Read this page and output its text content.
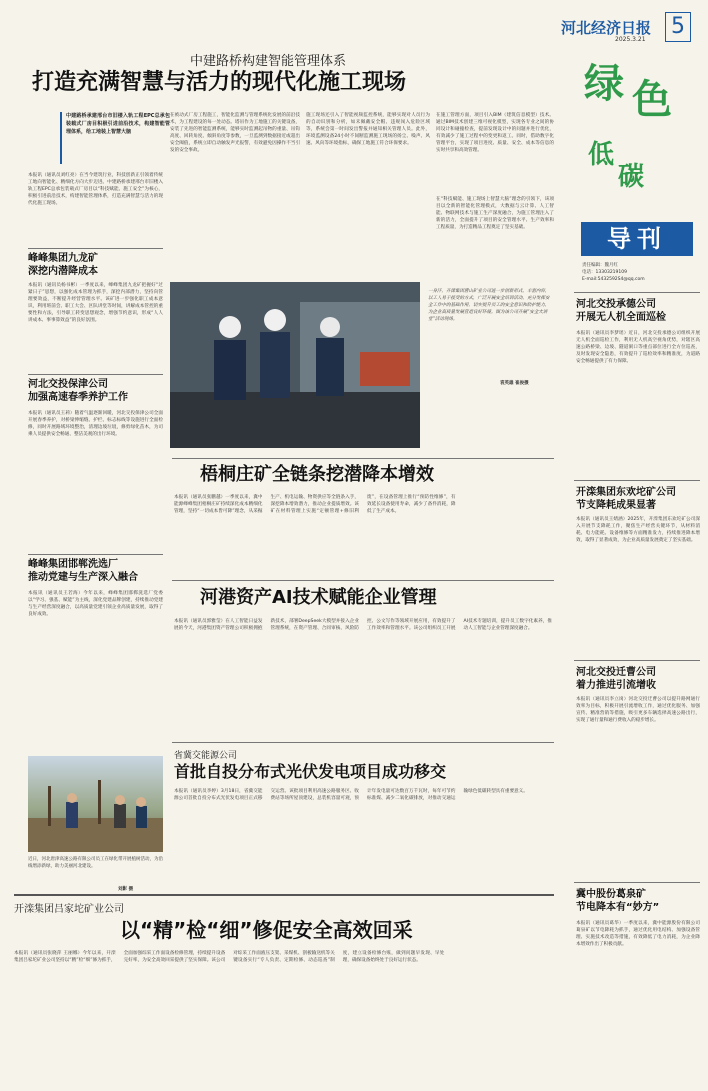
河北经济日报
2025.3.21
5
绿 色
低
碳
导刊
责任编辑：魏月红
电话：13303219109
E-mail:5432592S4@qq.com
中建路桥构建智能管理体系
打造充满智慧与活力的现代化施工现场
中建路桥承建邢台市旧楼入轨工程EPC总承包装载式厂房目积极引进前沿技术，构建智能管理体系，给工地装上智慧大脑
本报讯（通讯员刘红亮）在当今建筑行业，科技创新正引领着传统工地向智能化、精细化方向大步迈进。中建路桥承建邢台市旧楼入轨工程EPC总承包装载式厂房目以“科技赋能、施工安全”为核心，积极引进前沿技术，构建智能管理体系，打造充满智慧与活力的现代化施工现场。
在被动式厂房工程施工，智能化监测与管理系统化发展的前沿技术，为工程建设的每一处动态。塔吊作为工地施工的关键设备，安装了先进的智能监测系统，能够实时监测起吊物的重量、吊钩高度、回转角度、倾斜角度等参数，一旦监测到数据接近或超出安全阈值，系统立即自动触发声光报警，有效避免因操作不当引发的安全事故。
施工现场还引入了智能视频监控系统，能够实现对人员行为的自动识别和分析，如未佩戴安全帽、违规闯入危险区域等，系统会第一时间发出警报并通知相关管理人员。此外，环境监测设备24小时不间断监测施工现场的扬尘、噪声、风速、风向等环境指标，确保工地施工符合环保要求。
在施工管理方面，项目引入BIM（建筑信息模型）技术。通过BIM技术创建三维可视化模型，实现各专业之间的协同设计和碰撞检查，提前发现设计中的问题并进行优化，有效减少了施工过程中的变更和返工。同时，借助数字化管理平台，实现了项目进度、质量、安全、成本等信息的实时共享和高效管理。
在“科技赋能、施工现场上智慧大脑”理念的引领下，该项目以全新的智能化管理模式，大数据与云计算、人工智能、物联网技术与施工生产深度融合，为施工管理注入了新的活力，全面提升了项目的安全管理水平、生产效率和工程质量，为打造精品工程奠定了坚实基础。
一身汗，开滦集团唐山矿业公司进一步创新形式，丰富内容，以工人易于接受的方式，广泛开展安全培训活动，充分发挥安全工作中的基础作用，切实提升员工的安全意识和防护能力，为企业高质量发展营造良好环境。图为该公司开展“安全大讲堂”活动现场。
袁英雄 崔俊摄
峰峰集团九龙矿
深挖内潜降成本
本报讯（通讯员杨书彬）一季度以来，峰峰集团九龙矿把握好“过紧日子”思想，以强化成本管理为抓手，深挖内部潜力，坚持向管理要效益，不断提升经营管理水平。该矿进一步强化职工成本意识，利用班前会、职工大会、区队讲堂等时间，讲解成本管控的重要性和方法，引导职工转变思想观念，增强节约意识，形成“人人讲成本、事事算效益”的良好氛围。
河北交投保津公司
加强高速春季养护工作
本报讯（通讯员王莉）随着气温逐渐回暖，河北交投保津公司全面开展春季养护，对桥梁伸缩缝、护栏、标志标线等设施进行全面检修，同时开展路域环境整治，清理边坡垃圾，修剪绿化苗木，为司乘人员提供安全畅通、整洁美观的出行环境。
峰峰集团邯郸洗选厂
推动党建与生产深入融合
本报讯（通讯员王若海）今年以来，峰峰集团邯郸洗选厂党委以“学习、强基、赋能”为主线，深化党建品牌创建，持续推动党建与生产经营深度融合，以高质量党建引领企业高质量发展，取得了良好成效。
近日，河北唐津高速公路有限公司员工在绿化带开展植树活动，为沿线增添新绿，助力美丽河北建设。
刘影 摄
梧桐庄矿全链条挖潜降本增效
本报讯（通讯员张鹏越）一季度以来，冀中能源峰峰集团梧桐庄矿持续深化成本精细化管理，坚持“一切成本皆可降”理念，从采掘生产、机电运输、物资供应等全链条入手，深挖降本增效潜力，推动企业提质增效。该矿在材料管理上实施“定额管理+修旧利废”，在设备管理上推行“预防性维修”，有效延长设备使用寿命，减少了备件消耗，降低了生产成本。
河港资产AI技术赋能企业管理
本报讯（通讯员郭雅莹）在人工智能日益发展的今天，河港集团资产管理公司积极拥抱新技术，部署DeepSeek大模型并接入企业管理系统，在资产管理、合同审核、风险防控、公文写作等领域开展应用，有效提升了工作效率和管理水平。该公司组织员工开展AI技术专题培训，提升员工数字化素养，推动人工智能与企业管理深度融合。
省冀交能源公司
首批自投分布式光伏发电项目成功移交
本报讯（通讯员李婷）3月18日，省冀交能源公司首批自投分布式光伏发电项目正式移交运营。该批项目利用高速公路服务区、收费站等场所屋顶建设，总装机容量可观，预计年发电量可达数百万千瓦时，每年可节约标准煤、减少二氧化碳排放，对推动交通运输绿色低碳转型具有重要意义。
开滦集团吕家坨矿业公司
以“精”检“细”修促安全高效回采
本报讯（通讯员张晓萍 王丽娜）今年以来，开滦集团吕家坨矿业公司坚持以“精”检“细”修为抓手，全面加强综采工作面设备检修管理，持续提升设备完好率，为安全高效回采提供了坚实保障。该公司对综采工作面液压支架、采煤机、刮板输送机等关键设备实行“专人负责、定期检修、动态巡查”制度，建立设备检修台账，做到问题早发现、早处理，确保设备始终处于良好运行状态。
河北交投承德公司
开展无人机全面巡检
本报讯（通讯员李梦瑶）近日，河北交投承德公司组织开展无人机全面巡检工作，利用无人机高空视角优势，对辖区高速公路桥梁、边坡、隧道洞口等重点部位进行全方位巡查，及时发现安全隐患，有效提升了巡检效率和精准度，为道路安全畅通提供了有力保障。
开滦集团东欢坨矿公司
节支降耗成果显著
本报讯（通讯员王婧涵）2025年，开滦集团东欢坨矿公司深入开展节支降耗工作，聚焦生产经营关键环节，从材料消耗、电力能耗、设备维修等方面精准发力，持续推进降本增效，取得了显著成效，为企业高质量发展奠定了坚实基础。
河北交投迁曹公司
着力推进引流增收
本报讯（通讯员李立岗）河北交投迁曹公司以提升路网通行效率为目标，积极开展引流增收工作，通过优化服务、加强宣传、精准营销等措施，吸引更多车辆选择高速公路出行，实现了通行量和通行费收入的稳步增长。
冀中股份葛泉矿
节电降本有“妙方”
本报讯（通讯员葛华）一季度以来，冀中能源股份有限公司葛泉矿以节电降耗为抓手，通过优化用电结构、加强设备管理、实施技术改造等措施，有效降低了电力消耗，为企业降本增效作出了积极贡献。
